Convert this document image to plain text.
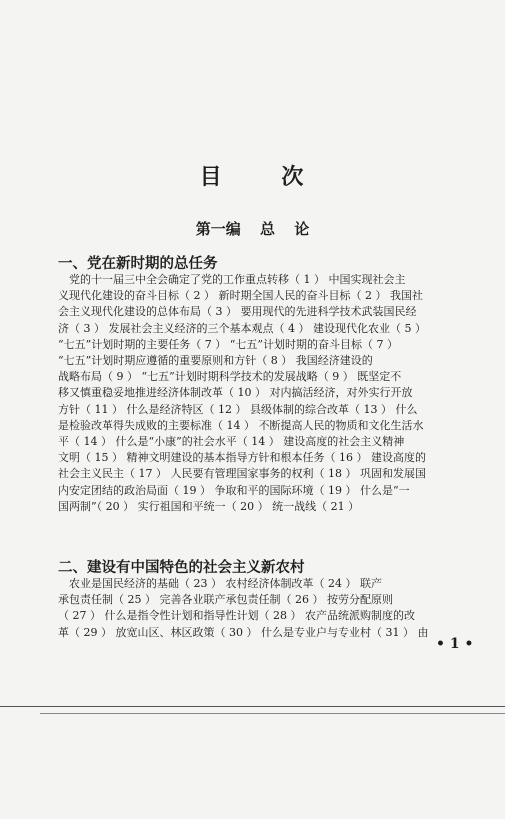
目	次
第一编 总 论
一、党在新时期的总任务
　党的十一届三中全会确定了党的工作重点转移（ 1 ） 中国实现社会主
义现代化建设的奋斗目标（ 2 ） 新时期全国人民的奋斗目标（ 2 ） 我国社
会主义现代化建设的总体布局（ 3 ） 要用现代的先进科学技术武装国民经
济（ 3 ） 发展社会主义经济的三个基本观点（ 4 ） 建设现代化农业（ 5 ）
“七五”计划时期的主要任务（ 7 ） “七五”计划时期的奋斗目标（ 7 ）
“七五”计划时期应遵循的重要原则和方针（ 8 ） 我国经济建设的
战略布局（ 9 ） “七五”计划时期科学技术的发展战略（ 9 ） 既坚定不
移又慎重稳妥地推进经济体制改革（ 10 ） 对内搞活经济，对外实行开放
方针（ 11 ） 什么是经济特区（ 12 ） 县级体制的综合改革（ 13 ） 什么
是检验改革得失成败的主要标准（ 14 ） 不断提高人民的物质和文化生活水
平（ 14 ） 什么是“小康”的社会水平（ 14 ） 建设高度的社会主义精神
文明（ 15 ） 精神文明建设的基本指导方针和根本任务（ 16 ） 建设高度的
社会主义民主（ 17 ） 人民要有管理国家事务的权利（ 18 ） 巩固和发展国
内安定团结的政治局面（ 19 ） 争取和平的国际环境（ 19 ） 什么是“一
国两制”（ 20 ） 实行祖国和平统一（ 20 ） 统一战线（ 21 ）
二、建设有中国特色的社会主义新农村
　农业是国民经济的基础（ 23 ） 农村经济体制改革（ 24 ） 联产
承包责任制（ 25 ） 完善各业联产承包责任制（ 26 ） 按劳分配原则
（ 27 ） 什么是指令性计划和指导性计划（ 28 ） 农产品统派购制度的改
革（ 29 ） 放宽山区、林区政策（ 30 ） 什么是专业户与专业村（ 31 ） 由
• 1 •
